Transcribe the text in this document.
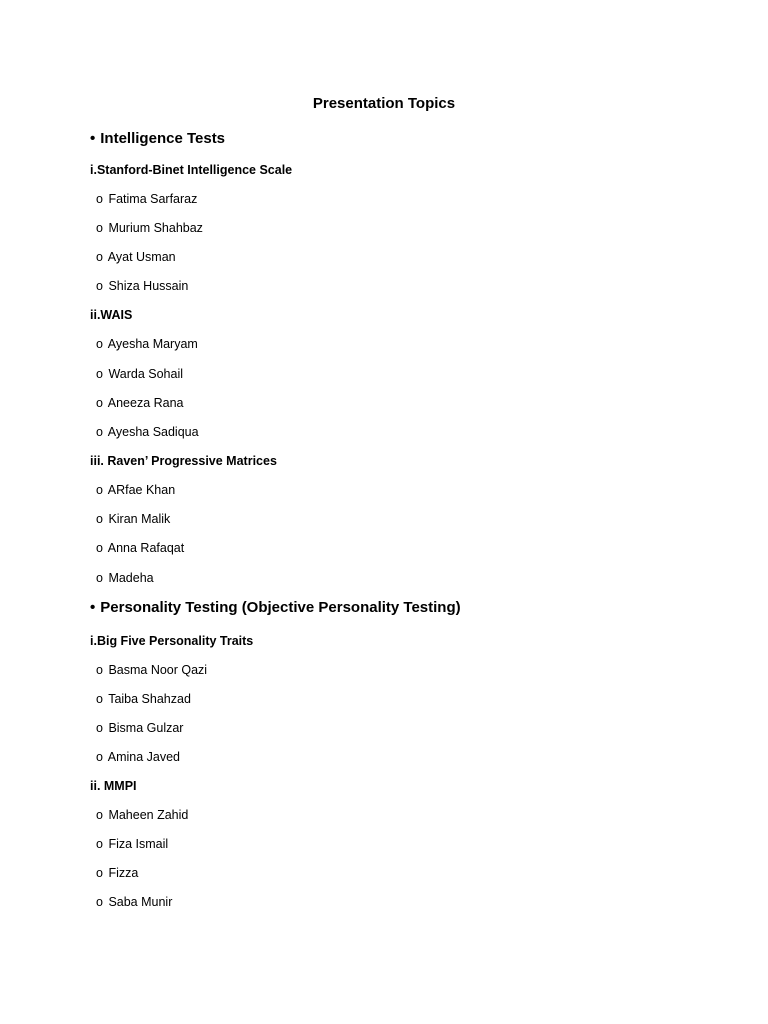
Presentation Topics
• Intelligence Tests
i.Stanford-Binet Intelligence Scale
o Fatima Sarfaraz
o Murium Shahbaz
o Ayat Usman
o Shiza Hussain
ii.WAIS
o Ayesha Maryam
o Warda Sohail
o Aneeza Rana
o Ayesha Sadiqua
iii. Raven’ Progressive Matrices
o ARfae Khan
o Kiran Malik
o Anna Rafaqat
o Madeha
• Personality Testing (Objective Personality Testing)
i.Big Five Personality Traits
o Basma Noor Qazi
o Taiba Shahzad
o Bisma Gulzar
o Amina Javed
ii. MMPI
o Maheen Zahid
o Fiza Ismail
o Fizza
o Saba Munir
